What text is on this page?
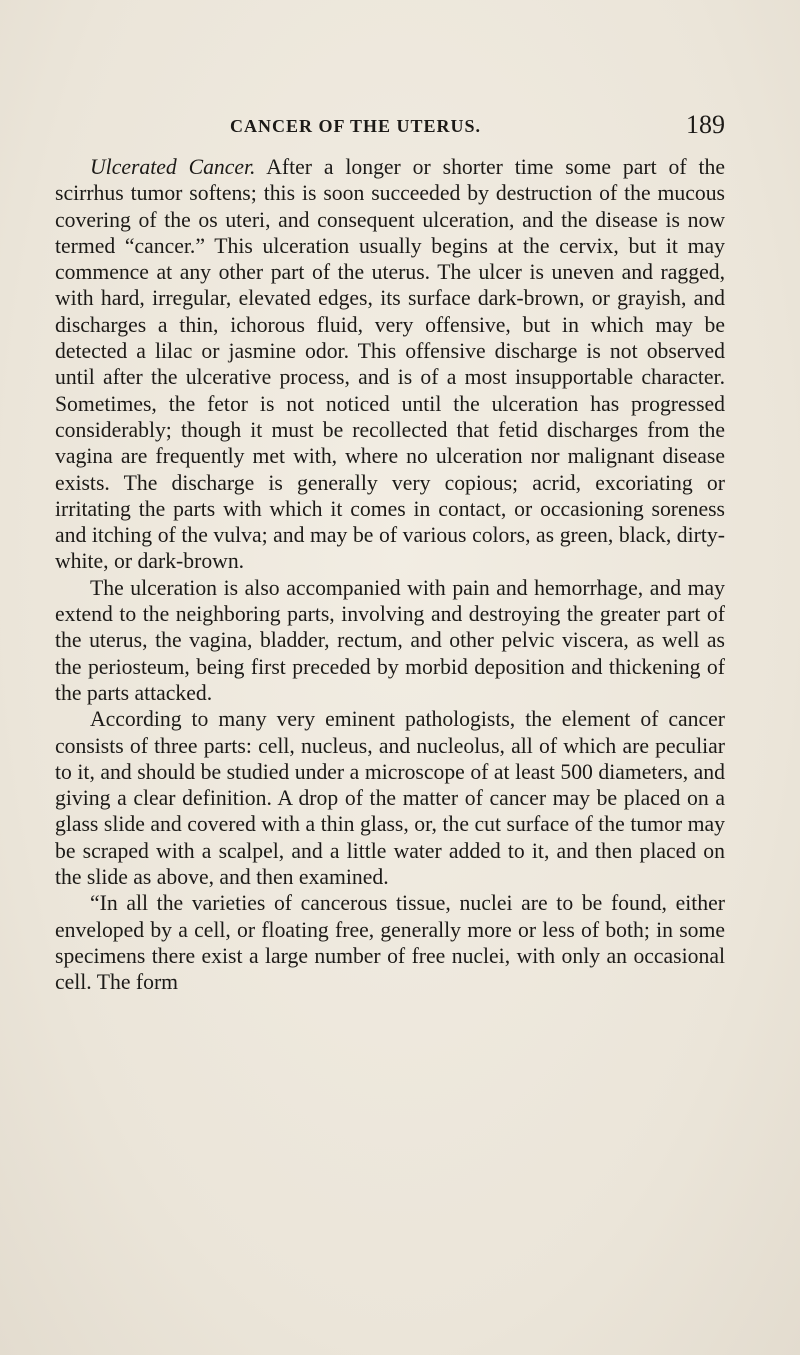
CANCER OF THE UTERUS.	189

Ulcerated Cancer. After a longer or shorter time some part of the scirrhus tumor softens; this is soon succeeded by destruction of the mucous covering of the os uteri, and consequent ulceration, and the disease is now termed “cancer.” This ulceration usually begins at the cervix, but it may commence at any other part of the uterus. The ulcer is uneven and ragged, with hard, irregular, elevated edges, its surface dark-brown, or grayish, and discharges a thin, ichorous fluid, very offensive, but in which may be detected a lilac or jasmine odor. This offensive discharge is not observed until after the ulcerative process, and is of a most insupportable character. Sometimes, the fetor is not noticed until the ulceration has progressed considerably; though it must be recollected that fetid discharges from the vagina are frequently met with, where no ulceration nor malignant disease exists. The discharge is generally very copious; acrid, excoriating or irritating the parts with which it comes in contact, or occasioning soreness and itching of the vulva; and may be of various colors, as green, black, dirty-white, or dark-brown.

The ulceration is also accompanied with pain and hemorrhage, and may extend to the neighboring parts, involving and destroying the greater part of the uterus, the vagina, bladder, rectum, and other pelvic viscera, as well as the periosteum, being first preceded by morbid deposition and thickening of the parts attacked.

According to many very eminent pathologists, the element of cancer consists of three parts: cell, nucleus, and nucleolus, all of which are peculiar to it, and should be studied under a microscope of at least 500 diameters, and giving a clear definition. A drop of the matter of cancer may be placed on a glass slide and covered with a thin glass, or, the cut surface of the tumor may be scraped with a scalpel, and a little water added to it, and then placed on the slide as above, and then examined.

“In all the varieties of cancerous tissue, nuclei are to be found, either enveloped by a cell, or floating free, generally more or less of both; in some specimens there exist a large number of free nuclei, with only an occasional cell. The form
